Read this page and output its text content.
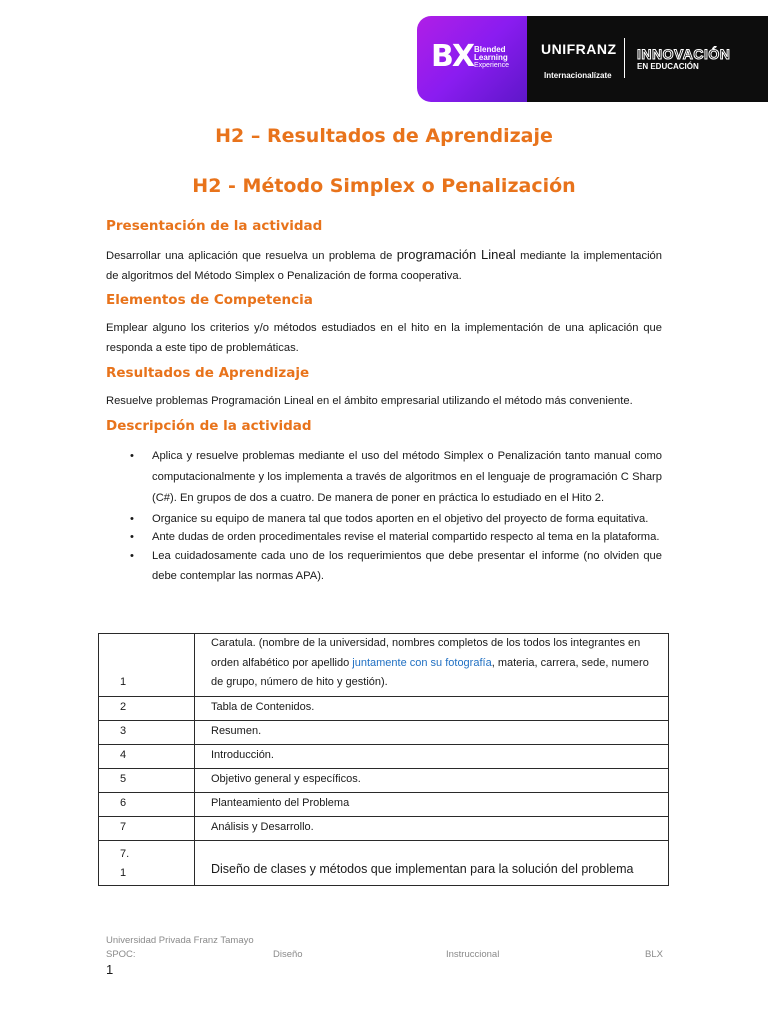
BX Blended
Learning
Experience
UNIFRANZ
Internacionalízate
INNOVACIÓN
EN EDUCACIÓN
H2 – Resultados de Aprendizaje
H2 - Método Simplex o Penalización
Presentación de la actividad
Desarrollar una aplicación que resuelva un problema de programación Lineal mediante la implementación de algoritmos del Método Simplex o Penalización de forma cooperativa.
Elementos de Competencia
Emplear alguno los criterios y/o métodos estudiados en el hito en la implementación de una aplicación que responda a este tipo de problemáticas.
Resultados de Aprendizaje
Resuelve problemas Programación Lineal en el ámbito empresarial utilizando el método más conveniente.
Descripción de la actividad
• Aplica y resuelve problemas mediante el uso del método Simplex o Penalización tanto manual como computacionalmente y los implementa a través de algoritmos en el lenguaje de programación C Sharp (C#). En grupos de dos a cuatro. De manera de poner en práctica lo estudiado en el Hito 2.
• Organice su equipo de manera tal que todos aporten en el objetivo del proyecto de forma equitativa.
• Ante dudas de orden procedimentales revise el material compartido respecto al tema en la plataforma.
• Lea cuidadosamente cada uno de los requerimientos que debe presentar el informe (no olviden que debe contemplar las normas APA).
1	Caratula. (nombre de la universidad, nombres completos de los todos los integrantes en orden alfabético por apellido juntamente con su fotografía, materia, carrera, sede, numero de grupo, número de hito y gestión).
2	Tabla de Contenidos.
3	Resumen.
4	Introducción.
5	Objetivo general y específicos.
6	Planteamiento del Problema
7	Análisis y Desarrollo.

7.
1	Diseño de clases y métodos que implementan para la solución del problema
Universidad Privada Franz Tamayo
SPOC:	Diseño	Instruccional	BLX
1
